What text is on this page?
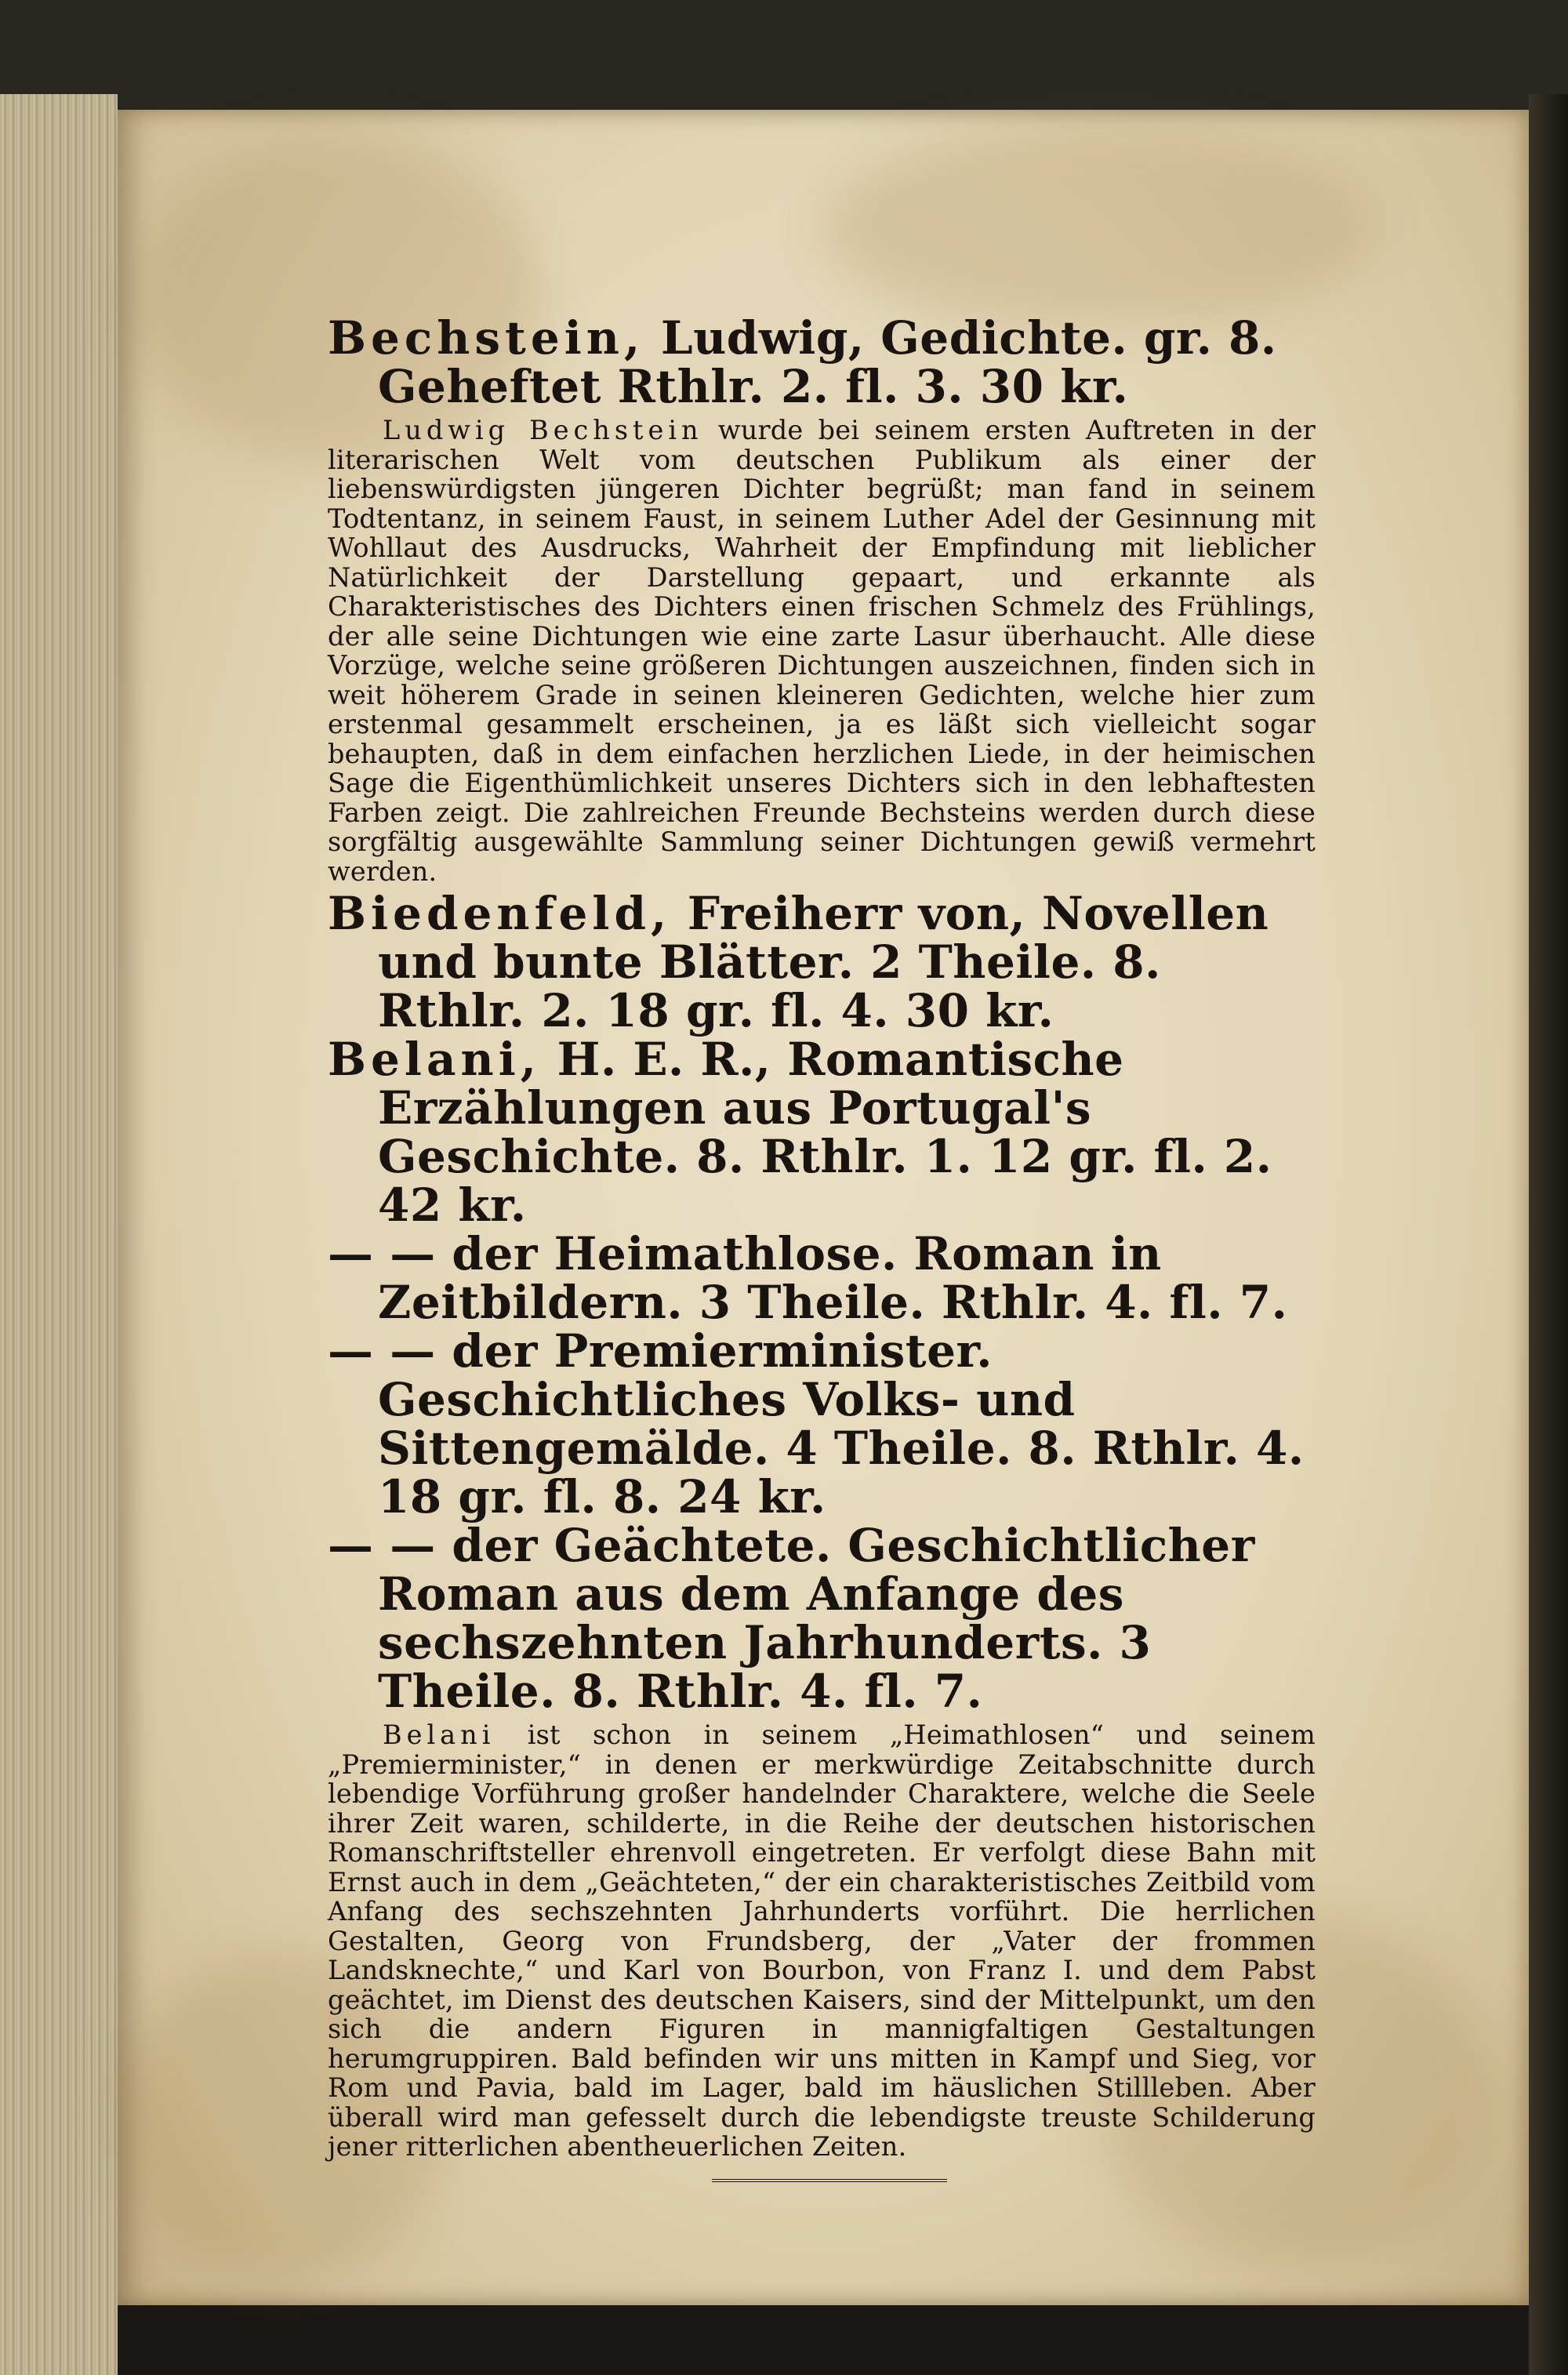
Bechstein, Ludwig, Gedichte. gr. 8. Geheftet Rthlr. 2. fl. 3. 30 kr.

Ludwig Bechstein wurde bei seinem ersten Auftreten in der literarischen Welt vom deutschen Publikum als einer der liebenswürdigsten jüngeren Dichter begrüßt; man fand in seinem Todtentanz, in seinem Faust, in seinem Luther Adel der Gesinnung mit Wohllaut des Ausdrucks, Wahrheit der Empfindung mit lieblicher Natürlichkeit der Darstellung gepaart, und erkannte als Charakteristisches des Dichters einen frischen Schmelz des Frühlings, der alle seine Dichtungen wie eine zarte Lasur überhaucht. Alle diese Vorzüge, welche seine größeren Dichtungen auszeichnen, finden sich in weit höherem Grade in seinen kleineren Gedichten, welche hier zum erstenmal gesammelt erscheinen, ja es läßt sich vielleicht sogar behaupten, daß in dem einfachen herzlichen Liede, in der heimischen Sage die Eigenthümlichkeit unseres Dichters sich in den lebhaftesten Farben zeigt. Die zahlreichen Freunde Bechsteins werden durch diese sorgfältig ausgewählte Sammlung seiner Dichtungen gewiß vermehrt werden.

Biedenfeld, Freiherr von, Novellen und bunte Blätter. 2 Theile. 8. Rthlr. 2. 18 gr. fl. 4. 30 kr.

Belani, H. E. R., Romantische Erzählungen aus Portugal's Geschichte. 8. Rthlr. 1. 12 gr. fl. 2. 42 kr.

— — der Heimathlose. Roman in Zeitbildern. 3 Theile. Rthlr. 4. fl. 7.

— — der Premierminister. Geschichtliches Volks- und Sittengemälde. 4 Theile. 8. Rthlr. 4. 18 gr. fl. 8. 24 kr.

— — der Geächtete. Geschichtlicher Roman aus dem Anfange des sechszehnten Jahrhunderts. 3 Theile. 8. Rthlr. 4. fl. 7.

Belani ist schon in seinem „Heimathlosen“ und seinem „Premierminister,“ in denen er merkwürdige Zeitabschnitte durch lebendige Vorführung großer handelnder Charaktere, welche die Seele ihrer Zeit waren, schilderte, in die Reihe der deutschen historischen Romanschriftsteller ehrenvoll eingetreten. Er verfolgt diese Bahn mit Ernst auch in dem „Geächteten,“ der ein charakteristisches Zeitbild vom Anfang des sechszehnten Jahrhunderts vorführt. Die herrlichen Gestalten, Georg von Frundsberg, der „Vater der frommen Landsknechte,“ und Karl von Bourbon, von Franz I. und dem Pabst geächtet, im Dienst des deutschen Kaisers, sind der Mittelpunkt, um den sich die andern Figuren in mannigfaltigen Gestaltungen herumgruppiren. Bald befinden wir uns mitten in Kampf und Sieg, vor Rom und Pavia, bald im Lager, bald im häuslichen Stillleben. Aber überall wird man gefesselt durch die lebendigste treuste Schilderung jener ritterlichen abentheuerlichen Zeiten.
